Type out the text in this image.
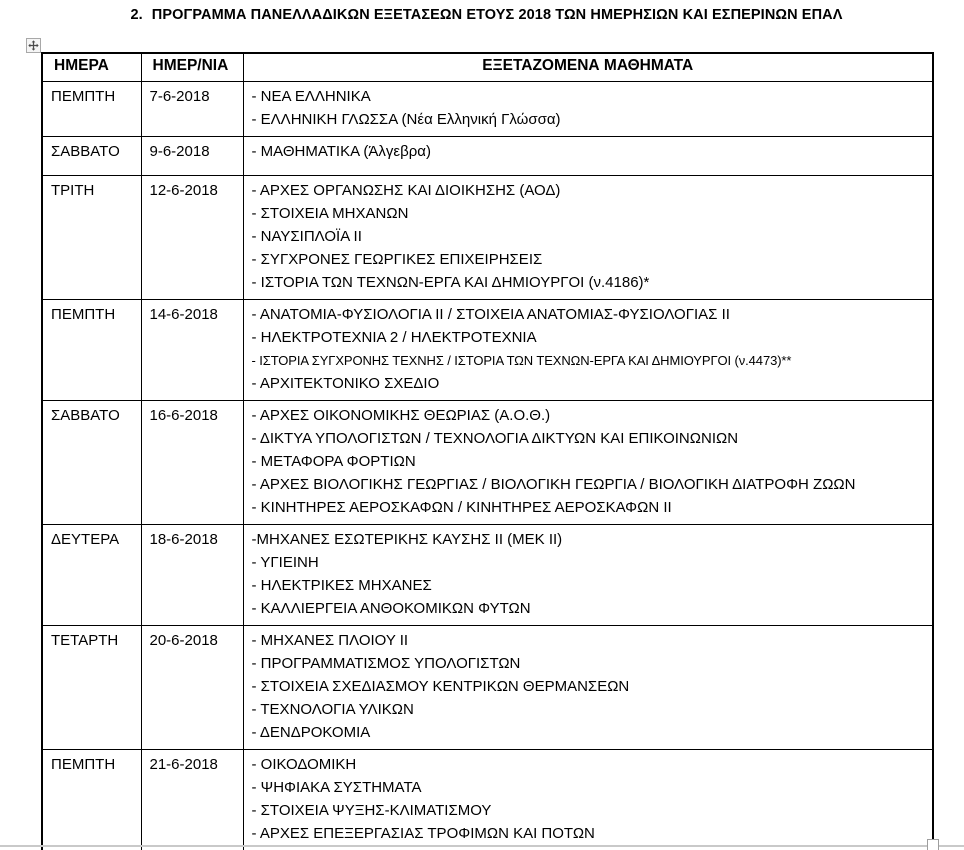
2. ΠΡΟΓΡΑΜΜΑ ΠΑΝΕΛΛΑΔΙΚΩΝ ΕΞΕΤΑΣΕΩΝ ΕΤΟΥΣ 2018 ΤΩΝ ΗΜΕΡΗΣΙΩΝ ΚΑΙ ΕΣΠΕΡΙΝΩΝ ΕΠΑΛ
ΗΜΕΡΑ	ΗΜΕΡ/ΝΙΑ	ΕΞΕΤΑΖΟΜΕΝΑ ΜΑΘΗΜΑΤΑ
ΠΕΜΠΤΗ	7-6-2018	- ΝΕΑ ΕΛΛΗΝΙΚΑ
- ΕΛΛΗΝΙΚΗ ΓΛΩΣΣΑ (Νέα Ελληνική Γλώσσα)

ΣΑΒΒΑΤΟ	9-6-2018	- ΜΑΘΗΜΑΤΙΚΑ (Άλγεβρα)

ΤΡΙΤΗ	12-6-2018	- ΑΡΧΕΣ ΟΡΓΑΝΩΣΗΣ ΚΑΙ ΔΙΟΙΚΗΣΗΣ (ΑΟΔ)
- ΣΤΟΙΧΕΙΑ ΜΗΧΑΝΩΝ
- ΝΑΥΣΙΠΛΟΪΑ ΙΙ
- ΣΥΓΧΡΟΝΕΣ ΓΕΩΡΓΙΚΕΣ ΕΠΙΧΕΙΡΗΣΕΙΣ
- ΙΣΤΟΡΙΑ ΤΩΝ ΤΕΧΝΩΝ-ΕΡΓΑ ΚΑΙ ΔΗΜΙΟΥΡΓΟΙ (ν.4186)*

ΠΕΜΠΤΗ	14-6-2018	- ΑΝΑΤΟΜΙΑ-ΦΥΣΙΟΛΟΓΙΑ ΙΙ / ΣΤΟΙΧΕΙΑ ΑΝΑΤΟΜΙΑΣ-ΦΥΣΙΟΛΟΓΙΑΣ ΙΙ
- ΗΛΕΚΤΡΟΤΕΧΝΙΑ 2 / ΗΛΕΚΤΡΟΤΕΧΝΙΑ
- ΙΣΤΟΡΙΑ ΣΥΓΧΡΟΝΗΣ ΤΕΧΝΗΣ / ΙΣΤΟΡΙΑ ΤΩΝ ΤΕΧΝΩΝ-ΕΡΓΑ ΚΑΙ ΔΗΜΙΟΥΡΓΟΙ (ν.4473)**
- ΑΡΧΙΤΕΚΤΟΝΙΚΟ ΣΧΕΔΙΟ

ΣΑΒΒΑΤΟ	16-6-2018	- ΑΡΧΕΣ ΟΙΚΟΝΟΜΙΚΗΣ ΘΕΩΡΙΑΣ (Α.Ο.Θ.)
- ΔΙΚΤΥΑ ΥΠΟΛΟΓΙΣΤΩΝ / ΤΕΧΝΟΛΟΓΙΑ ΔΙΚΤΥΩΝ ΚΑΙ ΕΠΙΚΟΙΝΩΝΙΩΝ
- ΜΕΤΑΦΟΡΑ ΦΟΡΤΙΩΝ
- ΑΡΧΕΣ ΒΙΟΛΟΓΙΚΗΣ ΓΕΩΡΓΙΑΣ / ΒΙΟΛΟΓΙΚΗ ΓΕΩΡΓΙΑ / ΒΙΟΛΟΓΙΚΗ ΔΙΑΤΡΟΦΗ ΖΩΩΝ
- ΚΙΝΗΤΗΡΕΣ ΑΕΡΟΣΚΑΦΩΝ / ΚΙΝΗΤΗΡΕΣ ΑΕΡΟΣΚΑΦΩΝ ΙΙ

ΔΕΥΤΕΡΑ	18-6-2018	-ΜΗΧΑΝΕΣ ΕΣΩΤΕΡΙΚΗΣ ΚΑΥΣΗΣ ΙΙ (ΜΕΚ ΙΙ)
- ΥΓΙΕΙΝΗ
- ΗΛΕΚΤΡΙΚΕΣ ΜΗΧΑΝΕΣ
- ΚΑΛΛΙΕΡΓΕΙΑ ΑΝΘΟΚΟΜΙΚΩΝ ΦΥΤΩΝ

ΤΕΤΑΡΤΗ	20-6-2018	- ΜΗΧΑΝΕΣ ΠΛΟΙΟΥ ΙΙ
- ΠΡΟΓΡΑΜΜΑΤΙΣΜΟΣ ΥΠΟΛΟΓΙΣΤΩΝ
- ΣΤΟΙΧΕΙΑ ΣΧΕΔΙΑΣΜΟΥ ΚΕΝΤΡΙΚΩΝ ΘΕΡΜΑΝΣΕΩΝ
- ΤΕΧΝΟΛΟΓΙΑ ΥΛΙΚΩΝ
- ΔΕΝΔΡΟΚΟΜΙΑ

ΠΕΜΠΤΗ	21-6-2018	- ΟΙΚΟΔΟΜΙΚΗ
- ΨΗΦΙΑΚΑ ΣΥΣΤΗΜΑΤΑ
- ΣΤΟΙΧΕΙΑ ΨΥΞΗΣ-ΚΛΙΜΑΤΙΣΜΟΥ
- ΑΡΧΕΣ ΕΠΕΞΕΡΓΑΣΙΑΣ ΤΡΟΦΙΜΩΝ ΚΑΙ ΠΟΤΩΝ
